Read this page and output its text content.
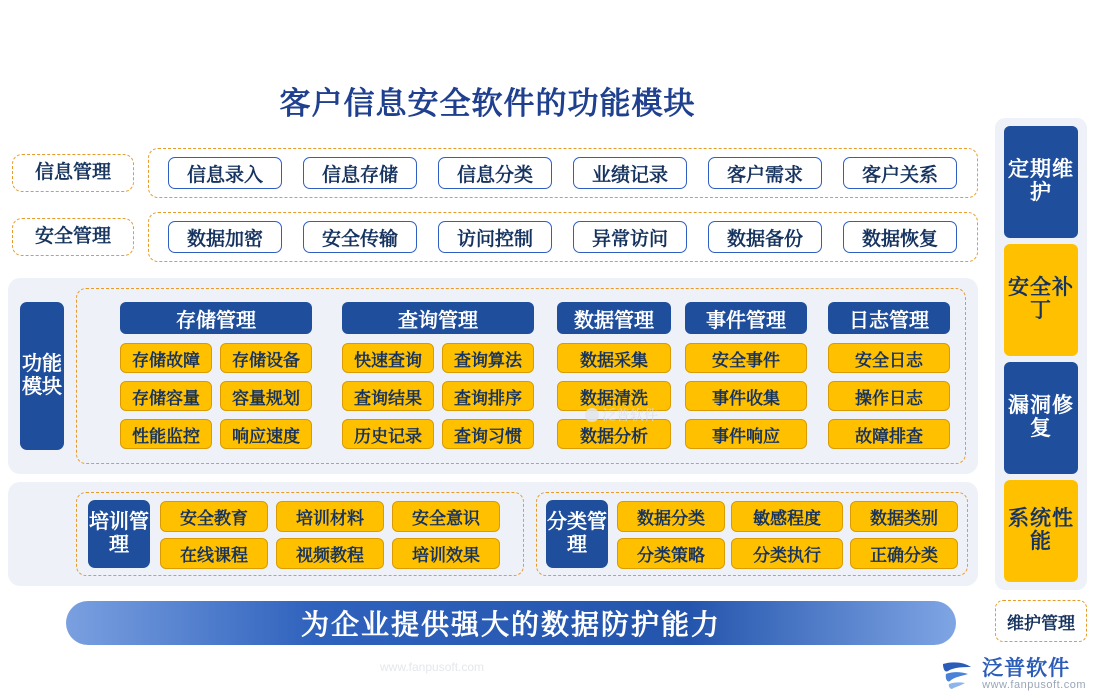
客户信息安全软件的功能模块
信息管理	信息录入	信息存储	信息分类	业绩记录	客户需求	客户关系
安全管理	数据加密	安全传输	访问控制	异常访问	数据备份	数据恢复
功能模块
存储管理
存储故障	存储设备
存储容量	容量规划
性能监控	响应速度
查询管理
快速查询	查询算法
查询结果	查询排序
历史记录	查询习惯
数据管理
数据采集
数据清洗
数据分析
事件管理
安全事件
事件收集
事件响应
日志管理
安全日志
操作日志
故障排查
泛普软件
培训管理
安全教育	培训材料	安全意识
在线课程	视频教程	培训效果
分类管理
数据分类	敏感程度	数据类别
分类策略	分类执行	正确分类
定期维护
安全补丁
漏洞修复
系统性能
维护管理
为企业提供强大的数据防护能力
www.fanpusoft.com	泛普软件
www.fanpusoft.com
